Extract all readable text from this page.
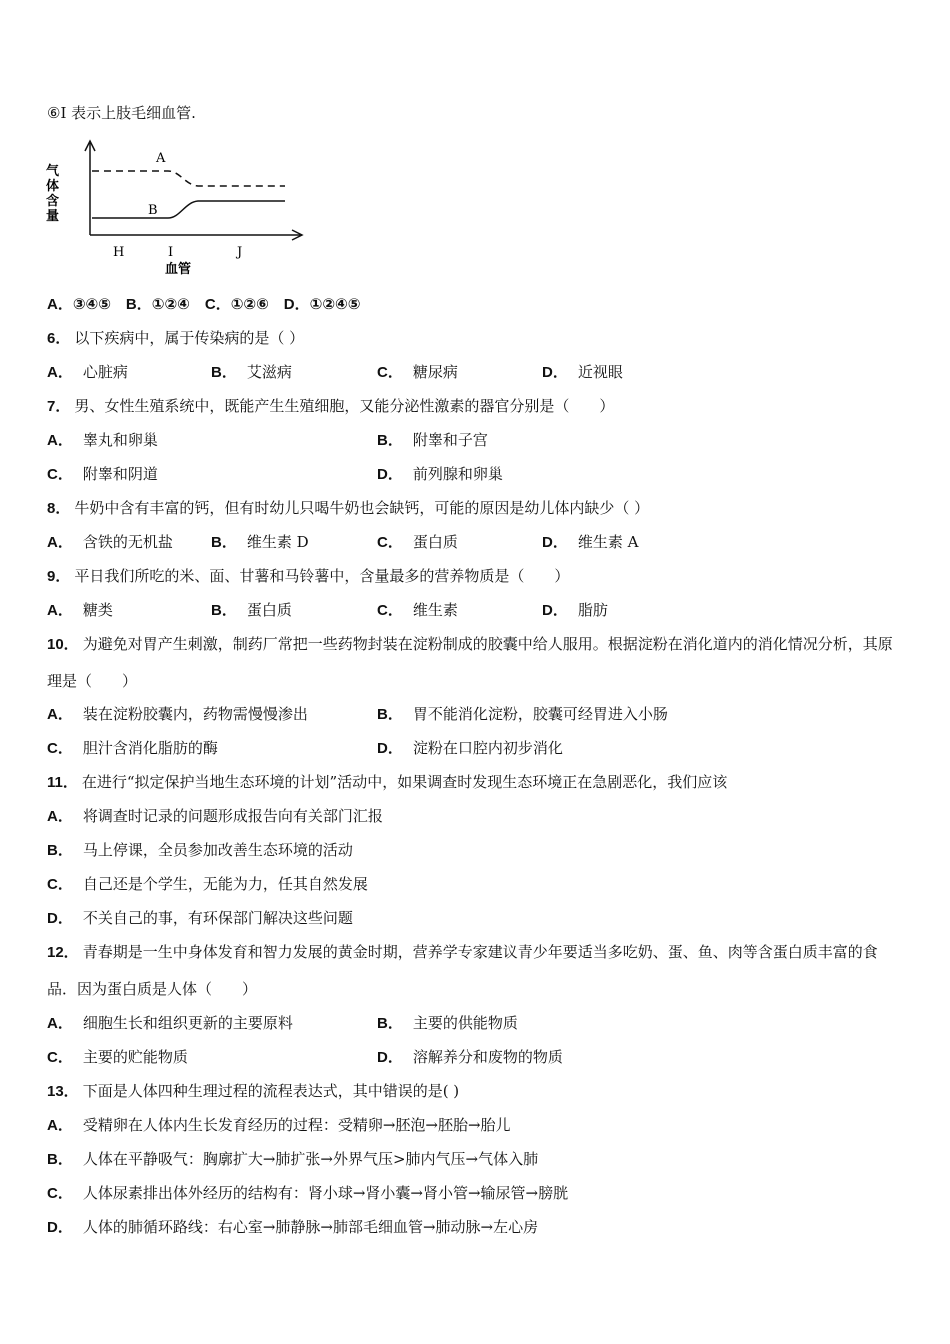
⑥I 表示上肢毛细血管.
气
体
含
量
A
B
H	I	J
血管
A．③④⑤　B．①②④　C．①②⑥　D．①②④⑤
6． 以下疾病中，属于传染病的是（ ）
A． 心脏病	B． 艾滋病	C． 糖尿病	D． 近视眼
7． 男、女性生殖系统中，既能产生生殖细胞，又能分泌性激素的器官分别是（　　）
A． 睾丸和卵巢	B． 附睾和子宫
C． 附睾和阴道	D． 前列腺和卵巢
8． 牛奶中含有丰富的钙，但有时幼儿只喝牛奶也会缺钙，可能的原因是幼儿体内缺少（ ）
A． 含铁的无机盐	B． 维生素 D	C． 蛋白质	D． 维生素 A
9． 平日我们所吃的米、面、甘薯和马铃薯中，含量最多的营养物质是（　　）
A． 糖类	B． 蛋白质	C． 维生素	D． 脂肪
10． 为避免对胃产生刺激，制药厂常把一些药物封装在淀粉制成的胶囊中给人服用。根据淀粉在消化道内的消化情况分析，其原理是（　　）
A． 装在淀粉胶囊内，药物需慢慢渗出	B． 胃不能消化淀粉，胶囊可经胃进入小肠
C． 胆汁含消化脂肪的酶	D． 淀粉在口腔内初步消化
11． 在进行“拟定保护当地生态环境的计划”活动中，如果调查时发现生态环境正在急剧恶化，我们应该
A． 将调查时记录的问题形成报告向有关部门汇报
B． 马上停课，全员参加改善生态环境的活动
C． 自己还是个学生，无能为力，任其自然发展
D． 不关自己的事，有环保部门解决这些问题
12． 青春期是一生中身体发育和智力发展的黄金时期，营养学专家建议青少年要适当多吃奶、蛋、鱼、肉等含蛋白质丰富的食品．因为蛋白质是人体（　　）
A． 细胞生长和组织更新的主要原料	B． 主要的供能物质
C． 主要的贮能物质	D． 溶解养分和废物的物质
13． 下面是人体四种生理过程的流程表达式，其中错误的是( )
A． 受精卵在人体内生长发育经历的过程：受精卵→胚泡→胚胎→胎儿
B． 人体在平静吸气：胸廓扩大→肺扩张→外界气压>肺内气压→气体入肺
C． 人体尿素排出体外经历的结构有：肾小球→肾小囊→肾小管→输尿管→膀胱
D． 人体的肺循环路线：右心室→肺静脉→肺部毛细血管→肺动脉→左心房
